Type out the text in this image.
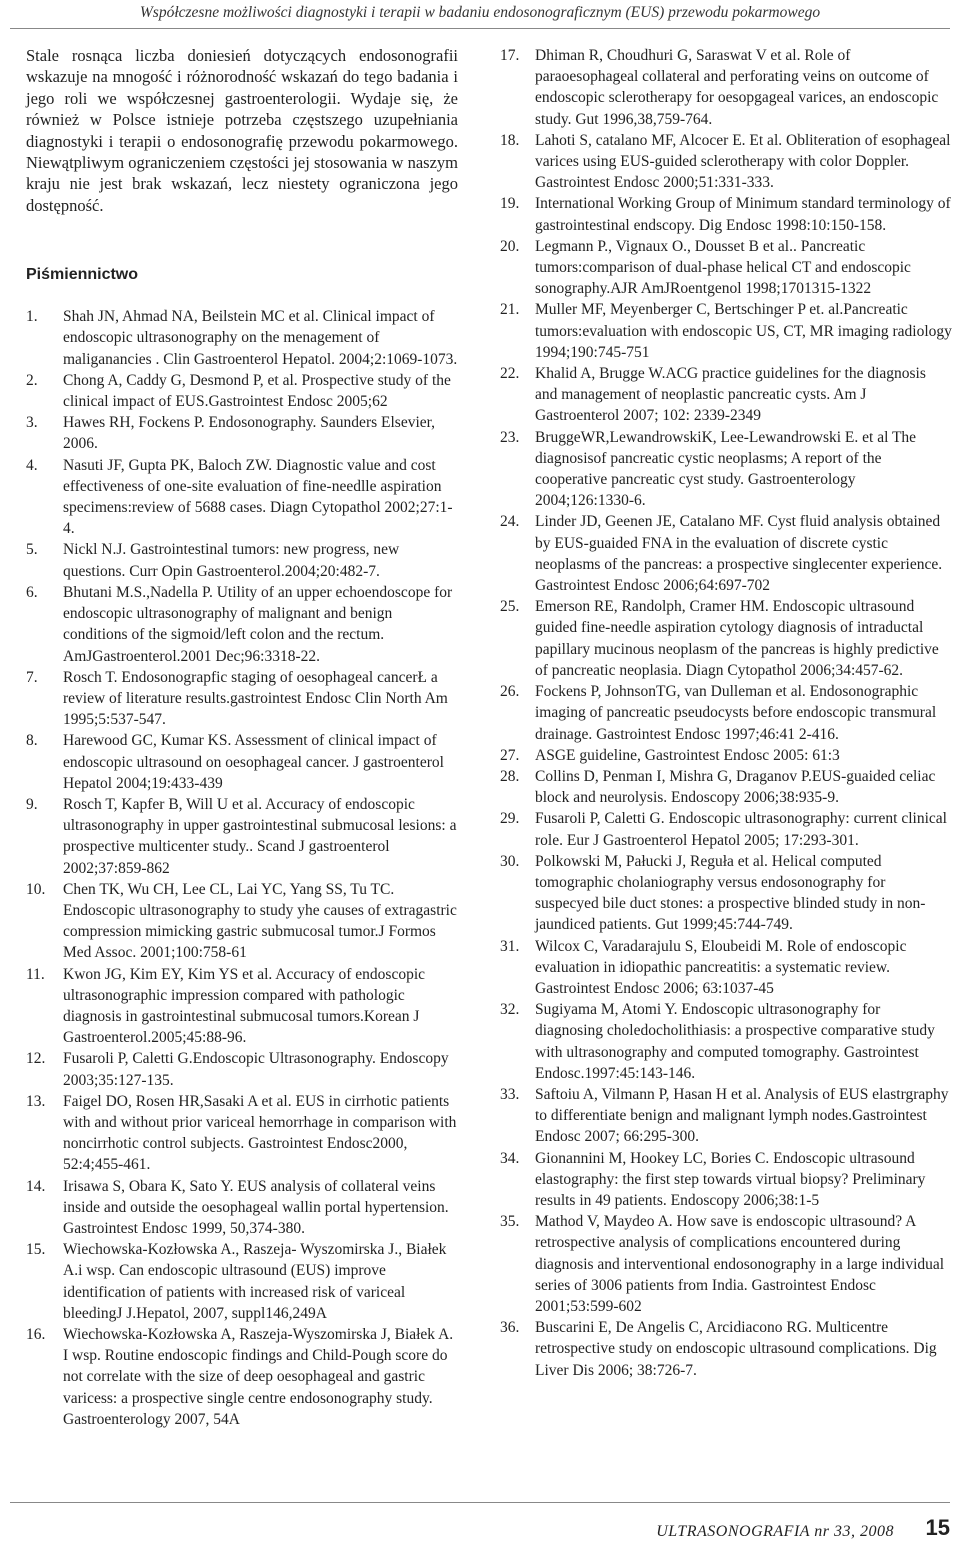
Współczesne możliwości diagnostyki i terapii w badaniu endosonograficznym (EUS) przewodu pokarmowego

Stale rosnąca liczba doniesień dotyczących endosonografii wskazuje na mnogość i różnorodność wskazań do tego badania i jego roli we współczesnej gastroenterologii. Wydaje się, że również w Polsce istnieje potrzeba częstszego uzupełniania diagnostyki i terapii o endosonografię przewodu pokarmowego. Niewątpliwym ograniczeniem częstości jej stosowania w naszym kraju nie jest brak wskazań, lecz niestety ograniczona jego dostępność.

Piśmiennictwo
1.	Shah JN, Ahmad NA, Beilstein MC et al. Clinical impact of endoscopic ultrasonography on the menagement of maliganancies . Clin Gastroenterol Hepatol. 2004;2:1069-1073.
2.	Chong A, Caddy G, Desmond P, et al. Prospective study of the clinical impact of EUS.Gastrointest Endosc 2005;62
3.	Hawes RH, Fockens P. Endosonography. Saunders Elsevier, 2006.
4.	Nasuti JF, Gupta PK, Baloch ZW. Diagnostic value and cost effectiveness of one-site evaluation of fine-needlle aspiration specimens:review of 5688 cases. Diagn Cytopathol 2002;27:1-4.
5.	Nickl N.J. Gastrointestinal tumors: new progress, new questions. Curr Opin Gastroenterol.2004;20:482-7.
6.	Bhutani M.S.,Nadella P. Utility of an upper echoendoscope for endoscopic ultrasonography of malignant and benign conditions of the sigmoid/left colon and the rectum. AmJGastroenterol.2001 Dec;96:3318-22.
7.	Rosch T. Endosonograpfic staging of oesophageal cancerŁ a review of literature results.gastrointest Endosc Clin North Am 1995;5:537-547.
8.	Harewood GC, Kumar KS. Assessment of clinical impact of endoscopic ultrasound on oesophageal cancer. J gastroenterol Hepatol 2004;19:433-439
9.	Rosch T, Kapfer B, Will U et al. Accuracy of endoscopic ultrasonography in upper gastrointestinal submucosal lesions: a prospective multicenter study.. Scand J gastroenterol 2002;37:859-862
10.	Chen TK, Wu CH, Lee CL, Lai YC, Yang SS, Tu TC. Endoscopic ultrasonography to study yhe causes of extragastric compression mimicking gastric submucosal tumor.J Formos Med Assoc. 2001;100:758-61
11.	Kwon JG, Kim EY, Kim YS et al. Accuracy of endoscopic ultrasonographic impression compared with pathologic diagnosis in gastrointestinal submucosal tumors.Korean J Gastroenterol.2005;45:88-96.
12.	Fusaroli P, Caletti G.Endoscopic Ultrasonography. Endoscopy 2003;35:127-135.
13.	Faigel DO, Rosen HR,Sasaki A et al. EUS in cirrhotic patients with and without prior variceal hemorrhage in comparison with noncirrhotic control subjects. Gastrointest Endosc2000, 52:4;455-461.
14.	Irisawa S, Obara K, Sato Y. EUS analysis of collateral veins inside and outside the oesophageal wallin portal hypertension. Gastrointest Endosc 1999, 50,374-380.
15.	Wiechowska-Kozłowska A., Raszeja- Wyszomirska J., Białek A.i wsp. Can endoscopic ultrasound (EUS) improve identification of patients with increased risk of variceal bleedingJ J.Hepatol, 2007, suppl146,249A
16.	Wiechowska-Kozłowska A, Raszeja-Wyszomirska J, Białek A. I wsp. Routine endoscopic findings and Child-Pough score do not correlate with the size of deep oesophageal and gastric varicess: a prospective single centre endosonography study. Gastroenterology 2007, 54A
17.	Dhiman R, Choudhuri G, Saraswat V et al. Role of paraoesophageal collateral and perforating veins on outcome of endoscopic sclerotherapy for oesopgageal varices, an endoscopic study. Gut 1996,38,759-764.
18.	Lahoti S, catalano MF, Alcocer E. Et al. Obliteration of esophageal varices using EUS-guided sclerotherapy with color Doppler. Gastrointest Endosc 2000;51:331-333.
19.	International Working Group of Minimum standard terminology of gastrointestinal endscopy. Dig Endosc 1998:10:150-158.
20.	Legmann P., Vignaux O., Dousset B et al.. Pancreatic tumors:comparison of dual-phase helical CT and endoscopic sonography.AJR AmJRoentgenol 1998;1701315-1322
21.	Muller MF, Meyenberger C, Bertschinger P et. al.Pancreatic tumors:evaluation with endoscopic US, CT, MR imaging radiology 1994;190:745-751
22.	Khalid A, Brugge W.ACG practice guidelines for the diagnosis and management of neoplastic pancreatic cysts. Am J Gastroenterol 2007; 102: 2339-2349
23.	BruggeWR,LewandrowskiK, Lee-Lewandrowski E. et al The diagnosisof pancreatic cystic neoplasms; A report of the cooperative pancreatic cyst study. Gastroenterology 2004;126:1330-6.
24.	Linder JD, Geenen JE, Catalano MF. Cyst fluid analysis obtained by EUS-guaided FNA in the evaluation of discrete cystic neoplasms of the pancreas: a prospective singlecenter experience. Gastrointest Endosc 2006;64:697-702
25.	Emerson RE, Randolph, Cramer HM. Endoscopic ultrasound guided fine-needle aspiration cytology diagnosis of intraductal papillary mucinous neoplasm of the pancreas is highly predictive of pancreatic neoplasia. Diagn Cytopathol 2006;34:457-62.
26.	Fockens P, JohnsonTG, van Dulleman et al. Endosonographic imaging of pancreatic pseudocysts before endoscopic transmural drainage. Gastrointest Endosc 1997;46:41 2-416.
27.	ASGE guideline, Gastrointest Endosc 2005: 61:3
28.	Collins D, Penman I, Mishra G, Draganov P.EUS-guaided celiac block and neurolysis. Endoscopy 2006;38:935-9.
29.	Fusaroli P, Caletti G. Endoscopic ultrasonography: current clinical role. Eur J Gastroenterol Hepatol 2005; 17:293-301.
30.	Polkowski M, Pałucki J, Reguła et al. Helical computed tomographic cholaniography versus endosonography for suspecyed bile duct stones: a prospective blinded study in non-jaundiced patients. Gut 1999;45:744-749.
31.	Wilcox C, Varadarajulu S, Eloubeidi M. Role of endoscopic evaluation in idiopathic pancreatitis: a systematic review. Gastrointest Endosc 2006; 63:1037-45
32.	Sugiyama M, Atomi Y. Endoscopic ultrasonography for diagnosing choledocholithiasis: a prospective comparative study with ultrasonography and computed tomography. Gastrointest Endosc.1997:45:143-146.
33.	Saftoiu A, Vilmann P, Hasan H et al. Analysis of EUS elastrgraphy to differentiate benign and malignant lymph nodes.Gastrointest Endosc 2007; 66:295-300.
34.	Gionannini M, Hookey LC, Bories C. Endoscopic ultrasound elastography: the first step towards virtual biopsy? Preliminary results in 49 patients. Endoscopy 2006;38:1-5
35.	Mathod V, Maydeo A. How save is endoscopic ultrasound? A retrospective analysis of complications encountered during diagnosis and interventional endosonography in a large individual series of 3006 patients from India. Gastrointest Endosc 2001;53:599-602
36.	Buscarini E, De Angelis C, Arcidiacono RG. Multicentre retrospective study on endoscopic ultrasound complications. Dig Liver Dis 2006; 38:726-7.
ULTRASONOGRAFIA nr 33, 2008 15
